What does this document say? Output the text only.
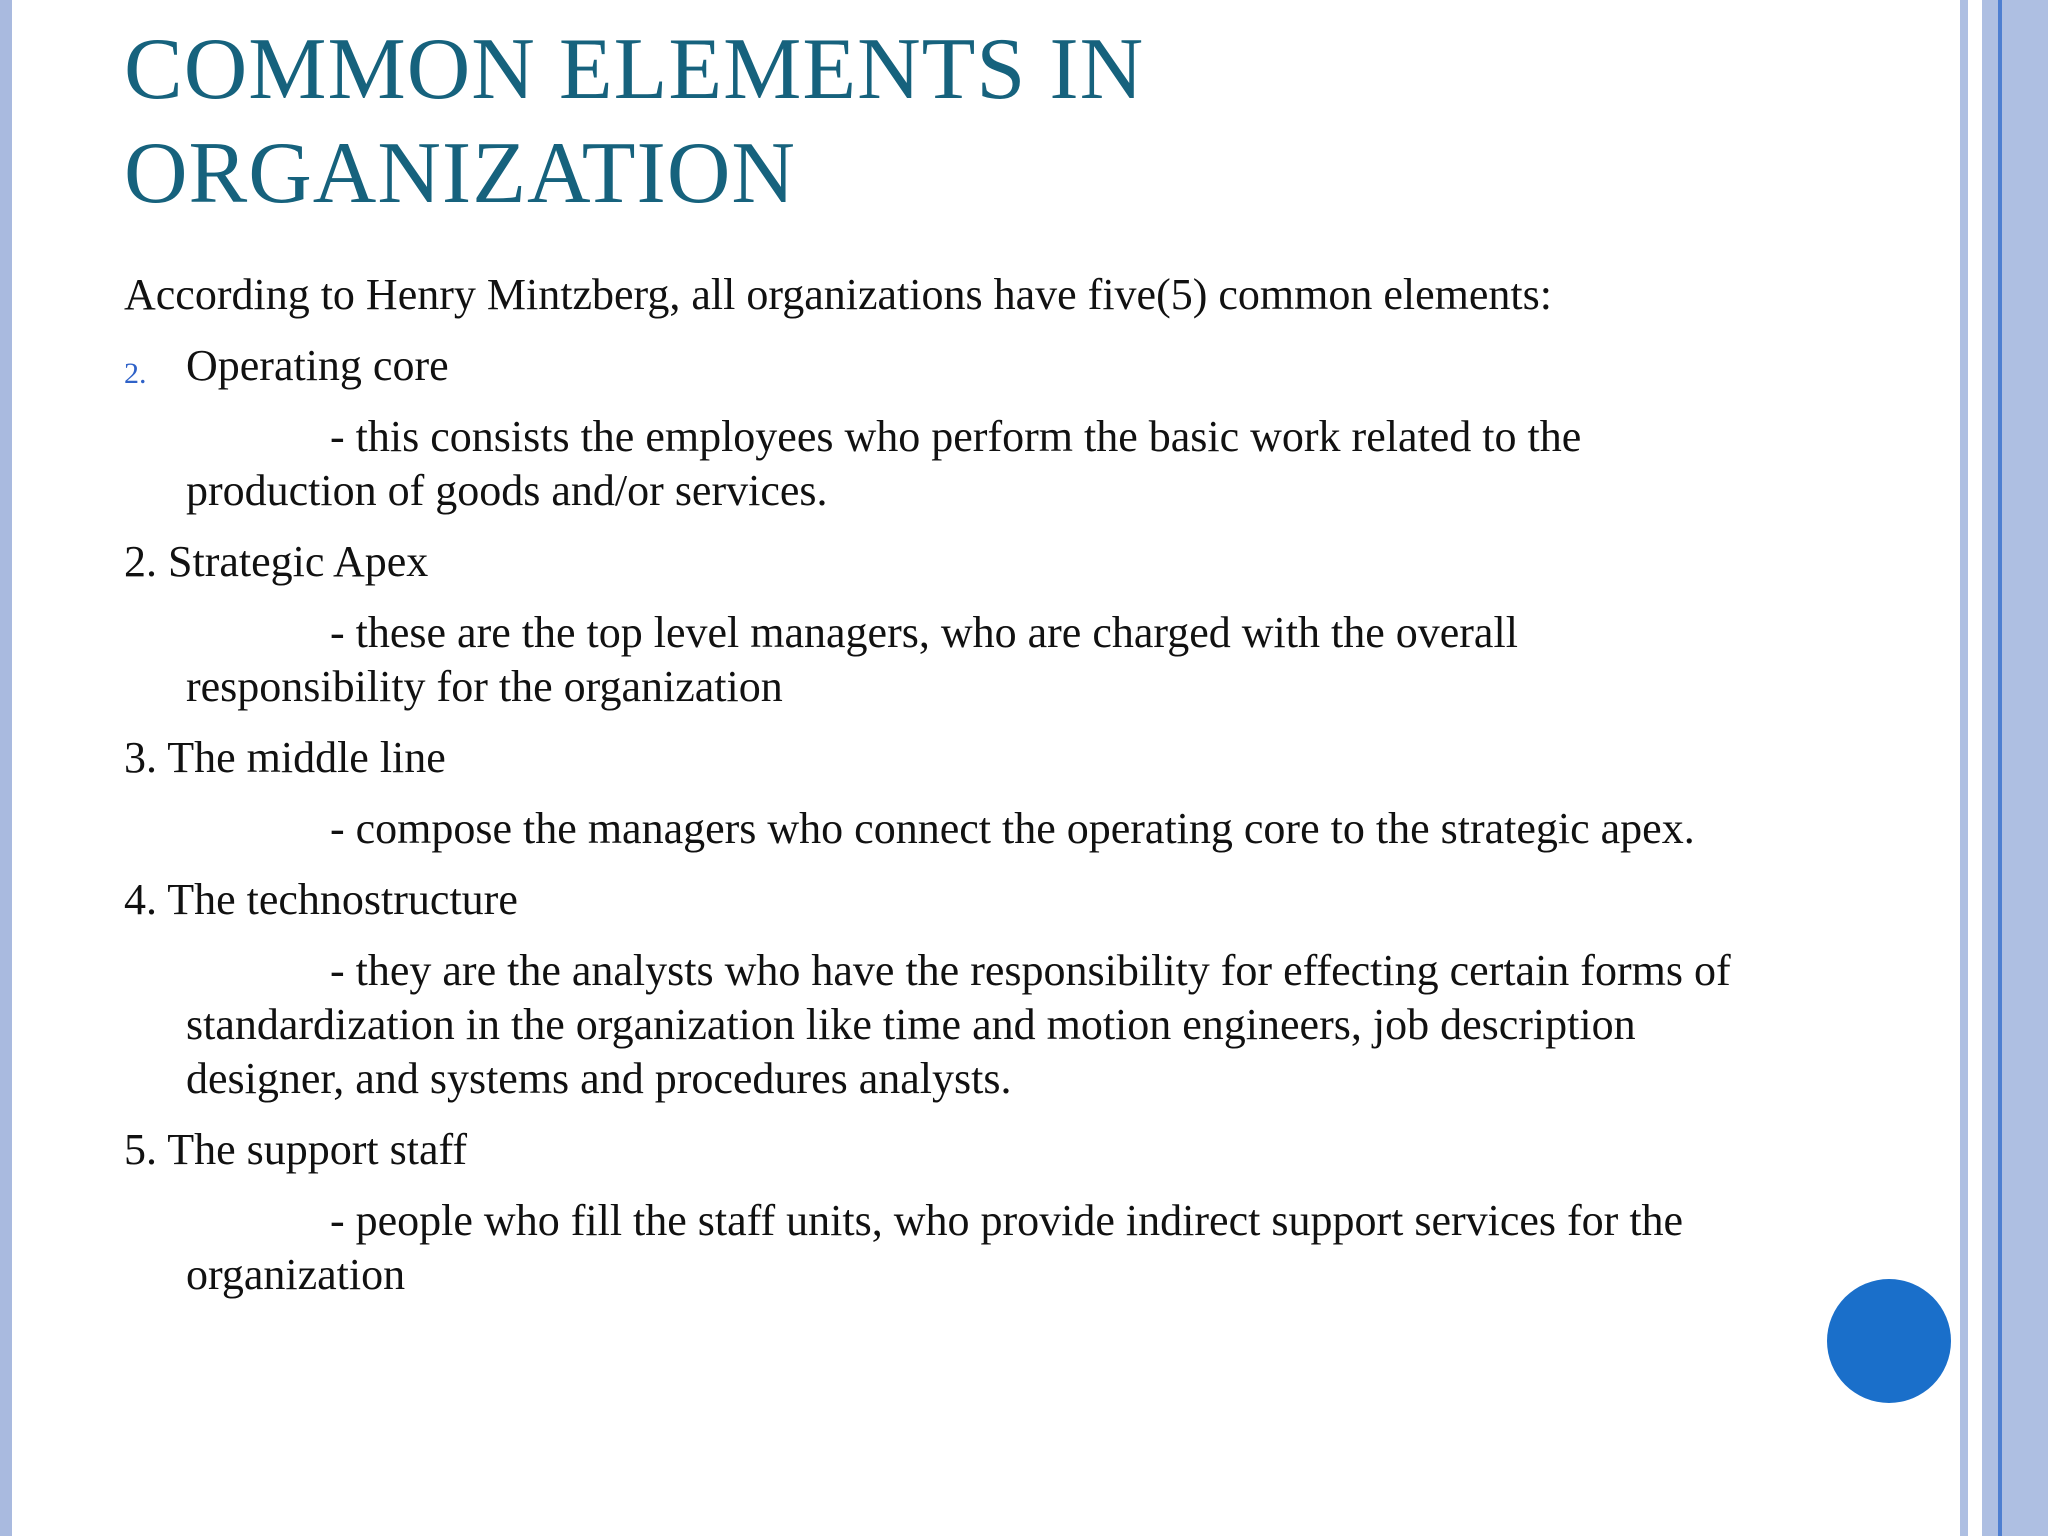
COMMON ELEMENTS IN
ORGANIZATION

According to Henry Mintzberg, all organizations have five(5) common elements:

2. Operating core

- this consists the employees who perform the basic work related to the production of goods and/or services.

2. Strategic Apex

- these are the top level managers, who are charged with the overall responsibility for the organization

3. The middle line

- compose the managers who connect the operating core to the strategic apex.

4. The technostructure

- they are the analysts who have the responsibility for effecting certain forms of standardization in the organization like time and motion engineers, job description designer, and systems and procedures analysts.

5. The support staff

- people who fill the staff units, who provide indirect support services for the organization
